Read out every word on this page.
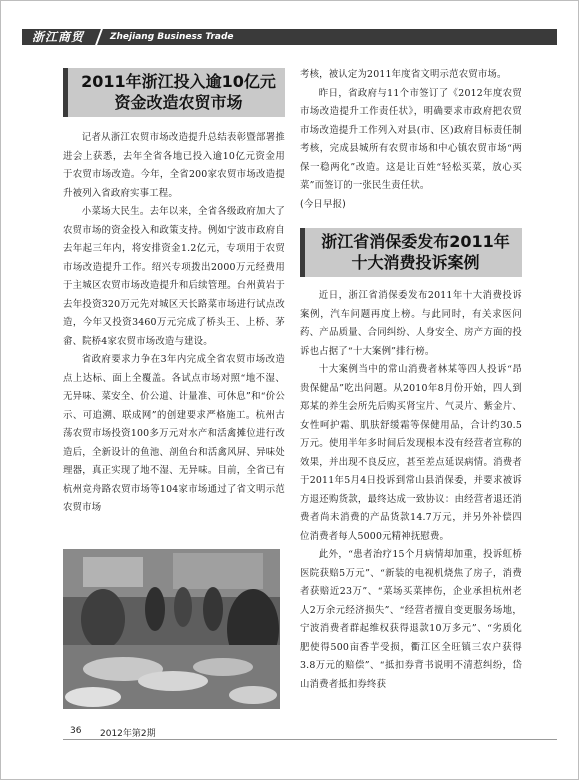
浙江商贸	Zhejiang Business Trade
2011年浙江投入逾10亿元
资金改造农贸市场

记者从浙江农贸市场改造提升总结表彰暨部署推进会上获悉，去年全省各地已投入逾10亿元资金用于农贸市场改造。今年，全省200家农贸市场改造提升被列入省政府实事工程。

小菜场大民生。去年以来，全省各级政府加大了农贸市场的资金投入和政策支持。例如宁波市政府自去年起三年内，将安排资金1.2亿元，专项用于农贸市场改造提升工作。绍兴专项拨出2000万元经费用于主城区农贸市场改造提升和后续管理。台州黄岩于去年投资320万元先对城区天长路菜市场进行试点改造，今年又投资3460万元完成了桥头王、上桥、茅畲、院桥4家农贸市场改造与建设。

省政府要求力争在3年内完成全省农贸市场改造点上达标、面上全覆盖。各试点市场对照“地不湿、无异味、菜安全、价公道、计量准、可休息”和“价公示、可追溯、联成网”的创建要求严格施工。杭州古荡农贸市场投资100多万元对水产和活禽摊位进行改造后，全新设计的鱼池、剖鱼台和活禽风屏、异味处理器，真正实现了地不湿、无异味。目前，全省已有杭州竞舟路农贸市场等104家市场通过了省文明示范农贸市场

考核，被认定为2011年度省文明示范农贸市场。

昨日，省政府与11个市签订了《2012年度农贸市场改造提升工作责任状》，明确要求市政府把农贸市场改造提升工作列入对县(市、区)政府目标责任制考核，完成县城所有农贸市场和中心镇农贸市场“两保一稳两化”改造。这是让百姓“轻松买菜，放心买菜”而签订的一张民生责任状。

(今日早报)

浙江省消保委发布2011年
十大消费投诉案例

近日，浙江省消保委发布2011年十大消费投诉案例，汽车问题再度上榜。与此同时，有关求医问药、产品质量、合同纠纷、人身安全、房产方面的投诉也占据了“十大案例”排行榜。

十大案例当中的常山消费者林某等四人投诉“昂贵保健品”吃出问题。从2010年8月份开始，四人到郑某的养生会所先后购买肾宝片、气灵片、紫金片、女性呵护霜、肌肤舒缓霜等保健用品，合计约30.5万元。使用半年多时间后发现根本没有经营者宣称的效果，并出现不良反应，甚至差点延误病情。消费者于2011年5月4日投诉到常山县消保委，并要求被诉方退还购货款，最终达成一致协议：由经营者退还消费者尚未消费的产品货款14.7万元，并另外补偿四位消费者每人5000元精神抚慰费。

此外，“患者治疗15个月病情却加重，投诉虹桥医院获赔5万元”、“新装的电视机烧焦了房子，消费者获赔近23万”、“菜场买菜摔伤，企业承担杭州老人2万余元经济损失”、“经营者擅自变更服务场地，宁波消费者群起维权获得退款10万多元”、“劣质化肥使得500亩香芋受损，衢江区全旺镇三农户获得3.8万元的赔偿”、“抵扣券背书说明不清惹纠纷，岱山消费者抵扣券终获

36 2012年第2期
